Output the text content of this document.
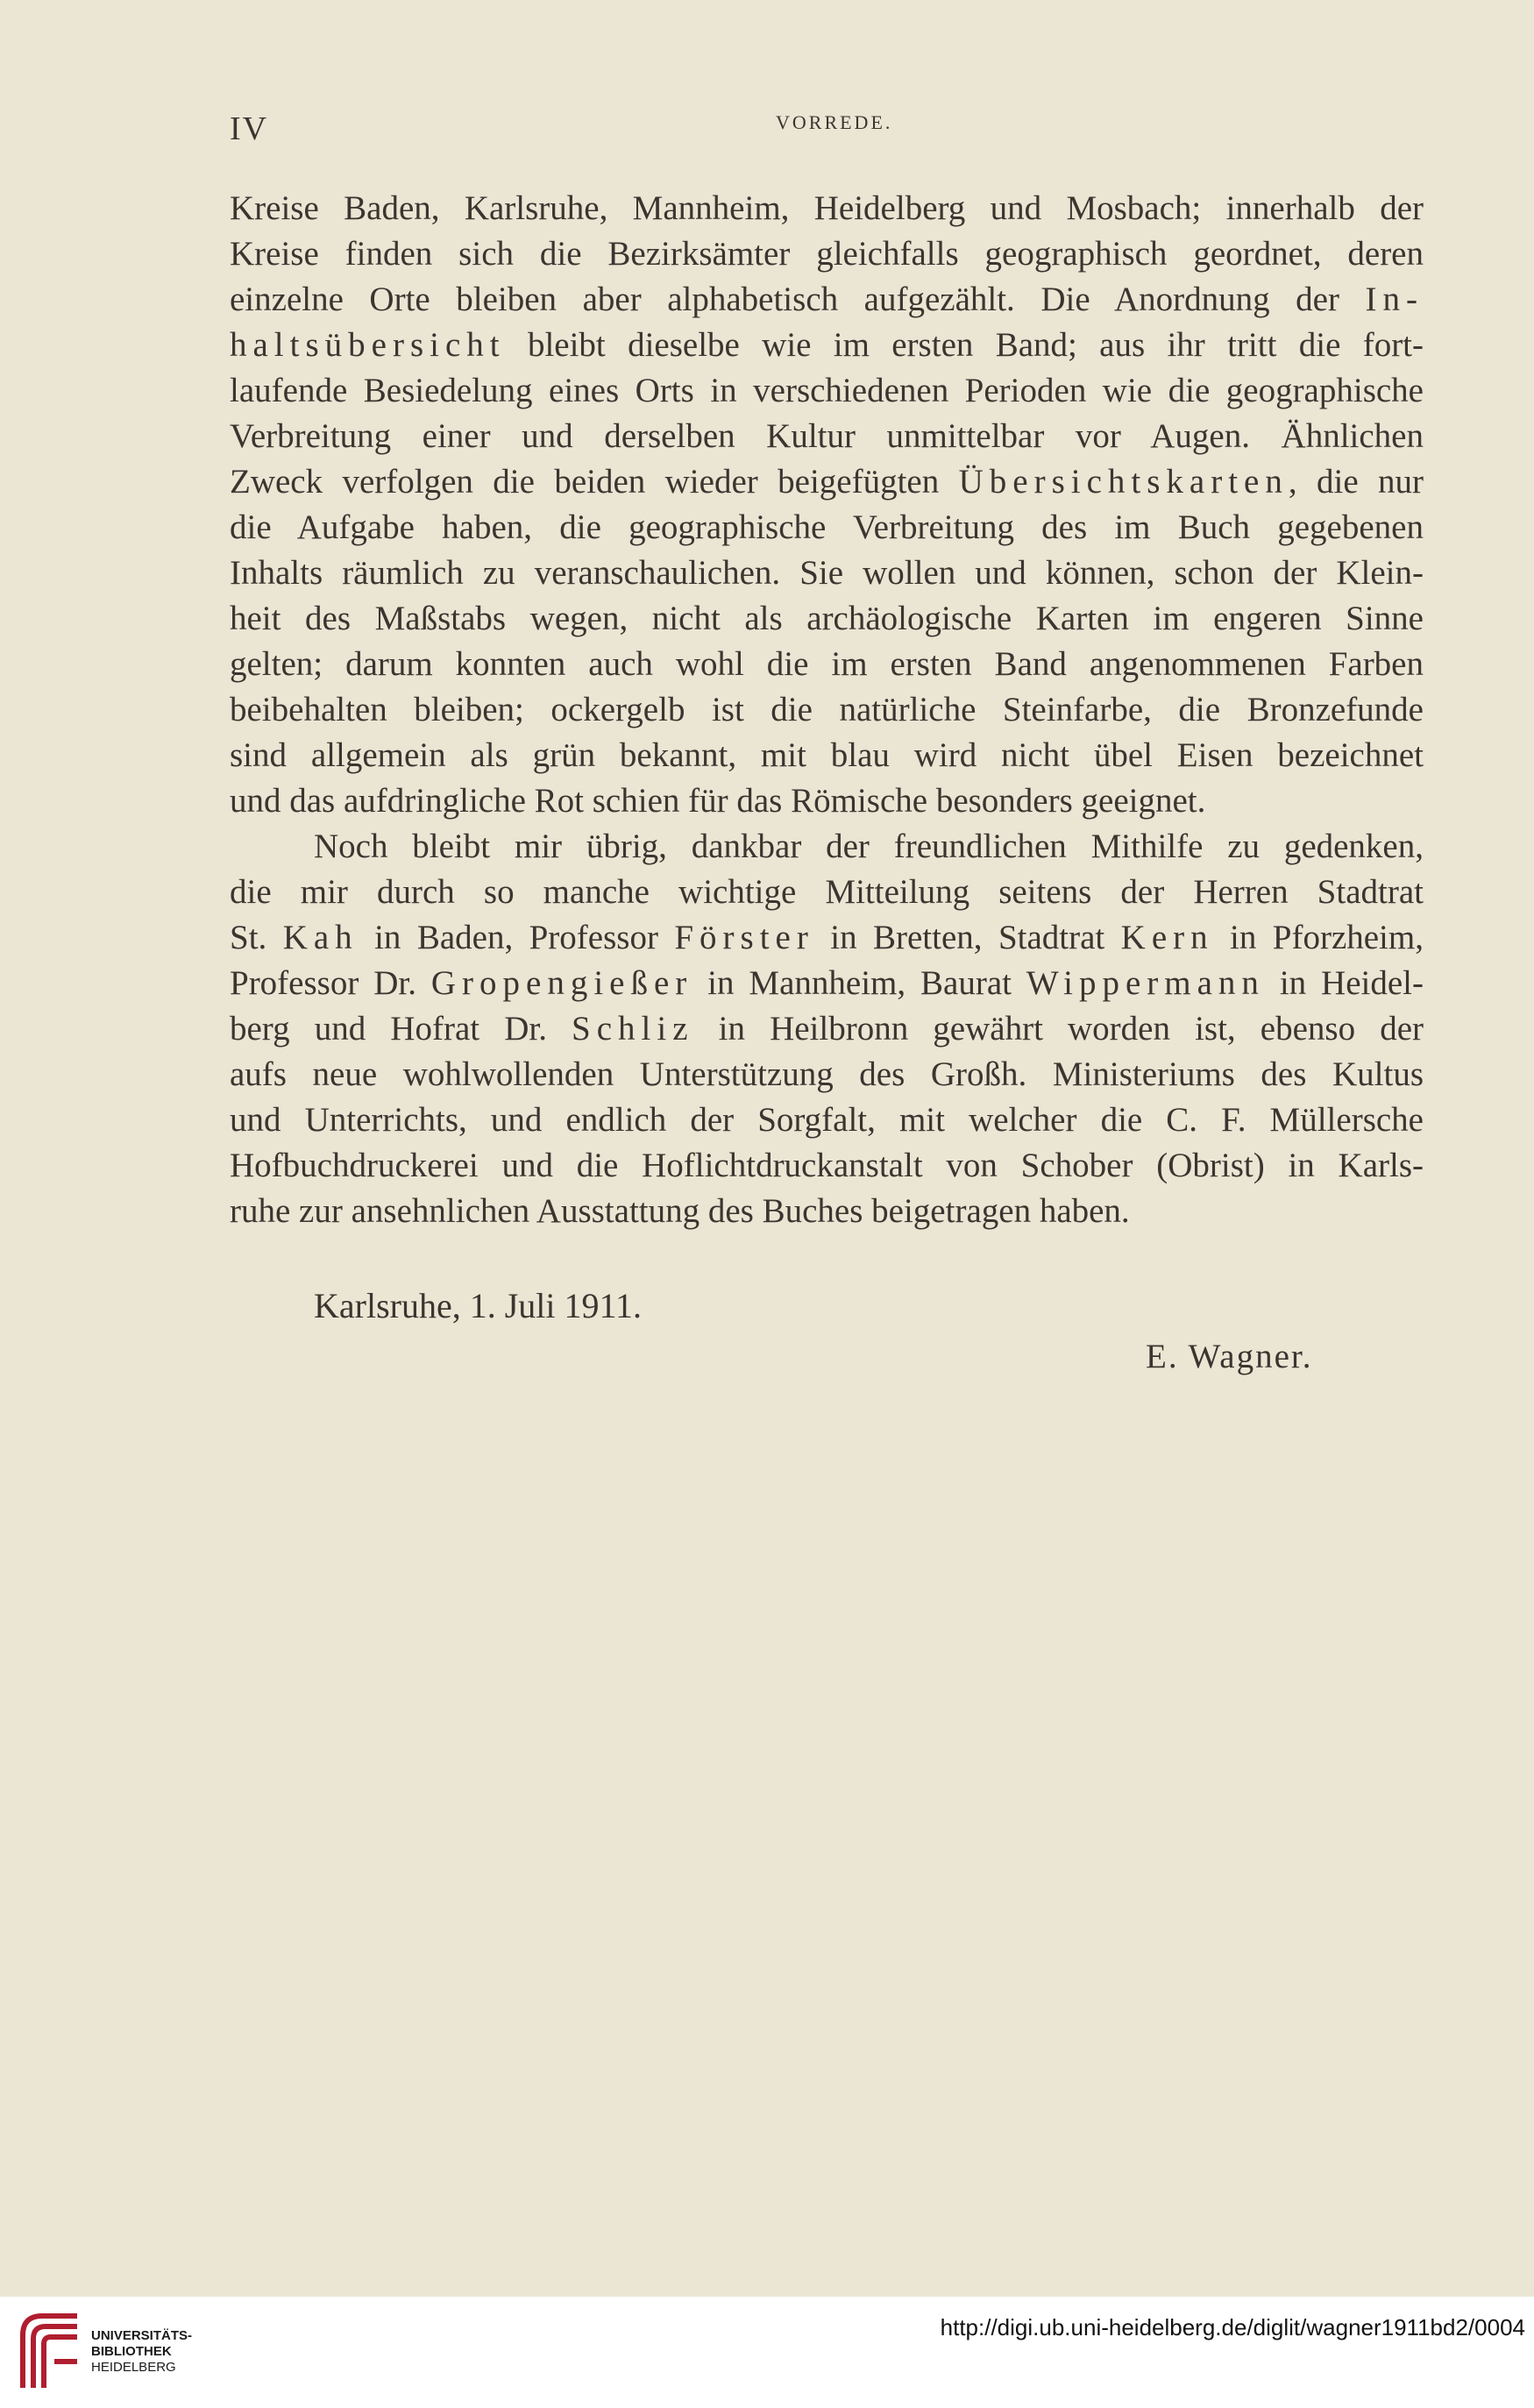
IV	VORREDE.
Kreise Baden, Karlsruhe, Mannheim, Heidelberg und Mosbach; innerhalb der
Kreise finden sich die Bezirksämter gleichfalls geographisch geordnet, deren
einzelne Orte bleiben aber alphabetisch aufgezählt. Die Anordnung der In-
haltsübersicht bleibt dieselbe wie im ersten Band; aus ihr tritt die fort-
laufende Besiedelung eines Orts in verschiedenen Perioden wie die geographische
Verbreitung einer und derselben Kultur unmittelbar vor Augen. Ähnlichen
Zweck verfolgen die beiden wieder beigefügten Übersichtskarten, die nur
die Aufgabe haben, die geographische Verbreitung des im Buch gegebenen
Inhalts räumlich zu veranschaulichen. Sie wollen und können, schon der Klein-
heit des Maßstabs wegen, nicht als archäologische Karten im engeren Sinne
gelten; darum konnten auch wohl die im ersten Band angenommenen Farben
beibehalten bleiben; ockergelb ist die natürliche Steinfarbe, die Bronzefunde
sind allgemein als grün bekannt, mit blau wird nicht übel Eisen bezeichnet
und das aufdringliche Rot schien für das Römische besonders geeignet.
Noch bleibt mir übrig, dankbar der freundlichen Mithilfe zu gedenken,
die mir durch so manche wichtige Mitteilung seitens der Herren Stadtrat
St. Kah in Baden, Professor Förster in Bretten, Stadtrat Kern in Pforzheim,
Professor Dr. Gropengießer in Mannheim, Baurat Wippermann in Heidel-
berg und Hofrat Dr. Schliz in Heilbronn gewährt worden ist, ebenso der
aufs neue wohlwollenden Unterstützung des Großh. Ministeriums des Kultus
und Unterrichts, und endlich der Sorgfalt, mit welcher die C. F. Müllersche
Hofbuchdruckerei und die Hoflichtdruckanstalt von Schober (Obrist) in Karls-
ruhe zur ansehnlichen Ausstattung des Buches beigetragen haben.
Karlsruhe, 1. Juli 1911.
E. Wagner.
UNIVERSITÄTS-
BIBLIOTHEK
HEIDELBERG
http://digi.ub.uni-heidelberg.de/diglit/wagner1911bd2/0004
